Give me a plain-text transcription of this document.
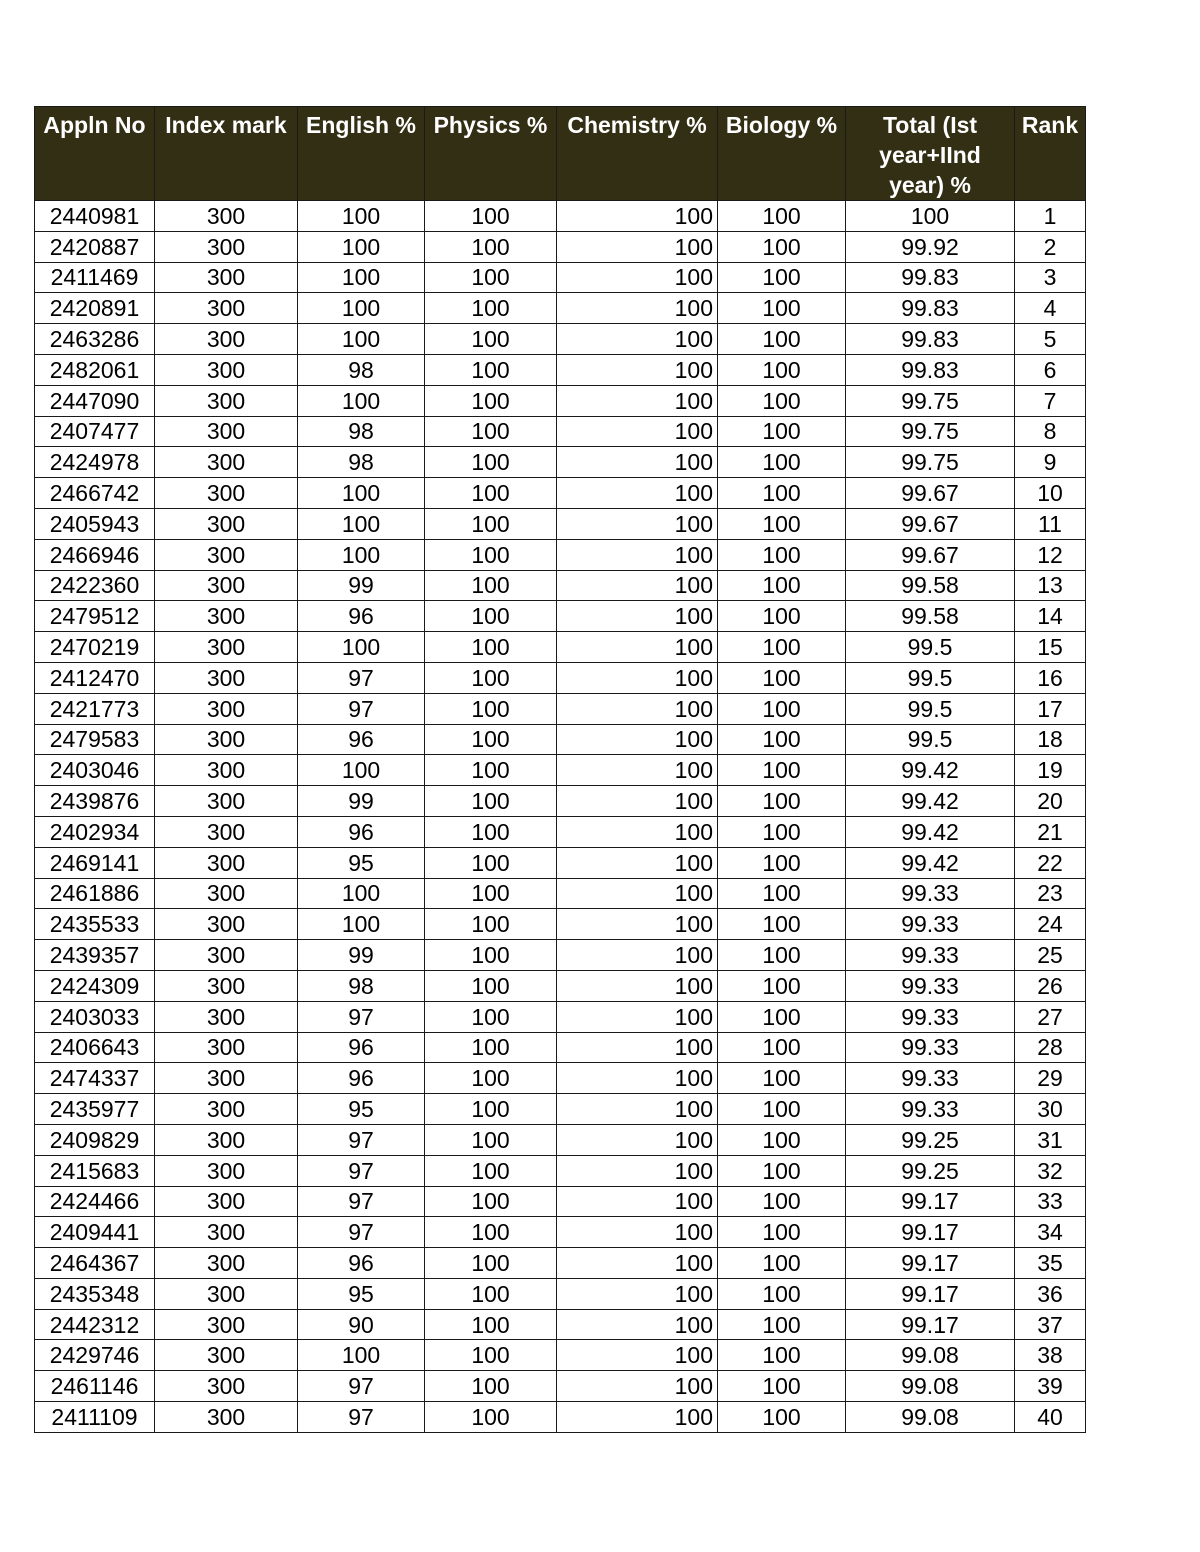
Appln No	Index mark	English %	Physics %	Chemistry %	Biology %	Total (Ist year+IInd year) %	Rank
2440981	300	100	100	100	100	100	1
2420887	300	100	100	100	100	99.92	2
2411469	300	100	100	100	100	99.83	3
2420891	300	100	100	100	100	99.83	4
2463286	300	100	100	100	100	99.83	5
2482061	300	98	100	100	100	99.83	6
2447090	300	100	100	100	100	99.75	7
2407477	300	98	100	100	100	99.75	8
2424978	300	98	100	100	100	99.75	9
2466742	300	100	100	100	100	99.67	10
2405943	300	100	100	100	100	99.67	11
2466946	300	100	100	100	100	99.67	12
2422360	300	99	100	100	100	99.58	13
2479512	300	96	100	100	100	99.58	14
2470219	300	100	100	100	100	99.5	15
2412470	300	97	100	100	100	99.5	16
2421773	300	97	100	100	100	99.5	17
2479583	300	96	100	100	100	99.5	18
2403046	300	100	100	100	100	99.42	19
2439876	300	99	100	100	100	99.42	20
2402934	300	96	100	100	100	99.42	21
2469141	300	95	100	100	100	99.42	22
2461886	300	100	100	100	100	99.33	23
2435533	300	100	100	100	100	99.33	24
2439357	300	99	100	100	100	99.33	25
2424309	300	98	100	100	100	99.33	26
2403033	300	97	100	100	100	99.33	27
2406643	300	96	100	100	100	99.33	28
2474337	300	96	100	100	100	99.33	29
2435977	300	95	100	100	100	99.33	30
2409829	300	97	100	100	100	99.25	31
2415683	300	97	100	100	100	99.25	32
2424466	300	97	100	100	100	99.17	33
2409441	300	97	100	100	100	99.17	34
2464367	300	96	100	100	100	99.17	35
2435348	300	95	100	100	100	99.17	36
2442312	300	90	100	100	100	99.17	37
2429746	300	100	100	100	100	99.08	38
2461146	300	97	100	100	100	99.08	39
2411109	300	97	100	100	100	99.08	40
